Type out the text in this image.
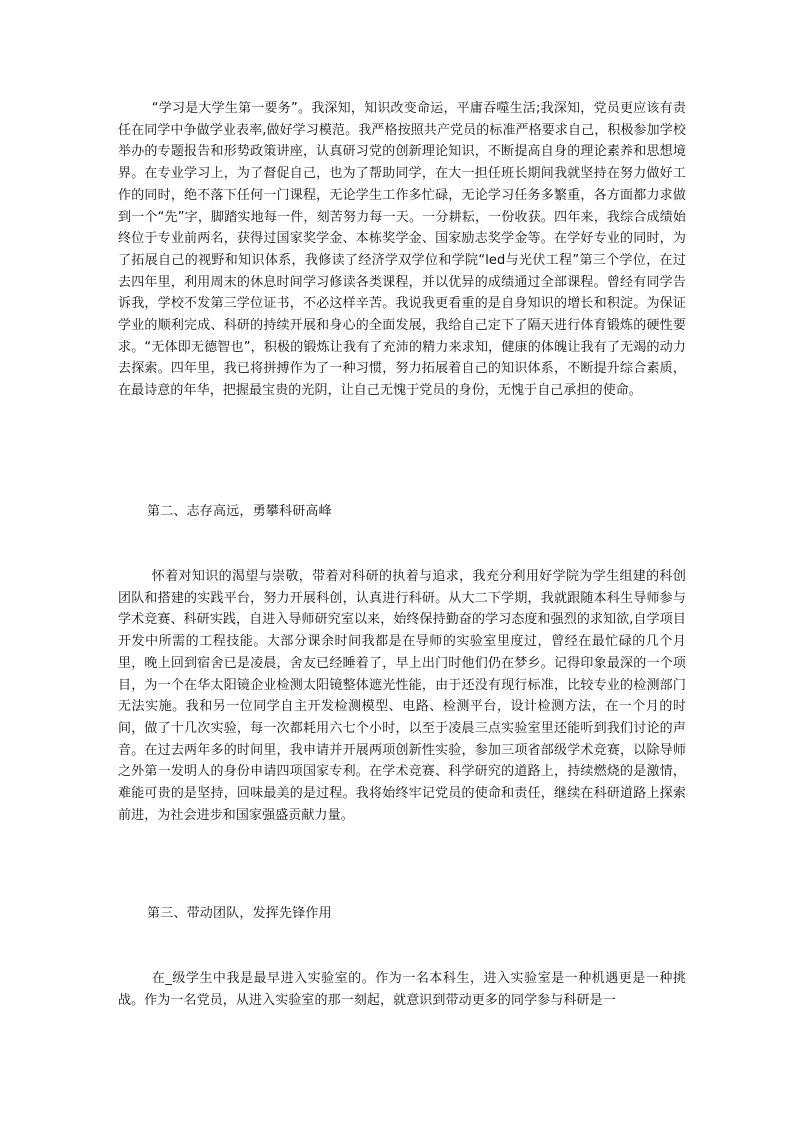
“学习是大学生第一要务”。我深知，知识改变命运，平庸吞噬生活;我深知，党员更应该有责任在同学中争做学业表率,做好学习模范。我严格按照共产党员的标准严格要求自己，积极参加学校举办的专题报告和形势政策讲座，认真研习党的创新理论知识，不断提高自身的理论素养和思想境界。在专业学习上，为了督促自己，也为了帮助同学，在大一担任班长期间我就坚持在努力做好工作的同时，绝不落下任何一门课程，无论学生工作多忙碌，无论学习任务多繁重，各方面都力求做到一个“先”字，脚踏实地每一件，刻苦努力每一天。一分耕耘，一份收获。四年来，我综合成绩始终位于专业前两名，获得过国家奖学金、本栋奖学金、国家励志奖学金等。在学好专业的同时，为了拓展自己的视野和知识体系，我修读了经济学双学位和学院“led与光伏工程”第三个学位，在过去四年里，利用周末的休息时间学习修读各类课程，并以优异的成绩通过全部课程。曾经有同学告诉我，学校不发第三学位证书，不必这样辛苦。我说我更看重的是自身知识的增长和积淀。为保证学业的顺利完成、科研的持续开展和身心的全面发展，我给自己定下了隔天进行体育锻炼的硬性要求。“无体即无德智也”，积极的锻炼让我有了充沛的精力来求知，健康的体魄让我有了无竭的动力去探索。四年里，我已将拼搏作为了一种习惯，努力拓展着自己的知识体系，不断提升综合素质，在最诗意的年华，把握最宝贵的光阴，让自己无愧于党员的身份，无愧于自己承担的使命。

第二、志存高远，勇攀科研高峰

怀着对知识的渴望与崇敬，带着对科研的执着与追求，我充分利用好学院为学生组建的科创团队和搭建的实践平台，努力开展科创，认真进行科研。从大二下学期，我就跟随本科生导师参与学术竞赛、科研实践，自进入导师研究室以来，始终保持勤奋的学习态度和强烈的求知欲,自学项目开发中所需的工程技能。大部分课余时间我都是在导师的实验室里度过，曾经在最忙碌的几个月里，晚上回到宿舍已是凌晨，舍友已经睡着了，早上出门时他们仍在梦乡。记得印象最深的一个项目，为一个在华太阳镜企业检测太阳镜整体遮光性能，由于还没有现行标准，比较专业的检测部门无法实施。我和另一位同学自主开发检测模型、电路、检测平台，设计检测方法，在一个月的时间，做了十几次实验，每一次都耗用六七个小时，以至于凌晨三点实验室里还能听到我们讨论的声音。在过去两年多的时间里，我申请并开展两项创新性实验，参加三项省部级学术竞赛，以除导师之外第一发明人的身份申请四项国家专利。在学术竞赛、科学研究的道路上，持续燃烧的是激情，难能可贵的是坚持，回味最美的是过程。我将始终牢记党员的使命和责任，继续在科研道路上探索前进，为社会进步和国家强盛贡献力量。

第三、带动团队，发挥先锋作用

在_级学生中我是最早进入实验室的。作为一名本科生，进入实验室是一种机遇更是一种挑战。作为一名党员，从进入实验室的那一刻起，就意识到带动更多的同学参与科研是一
